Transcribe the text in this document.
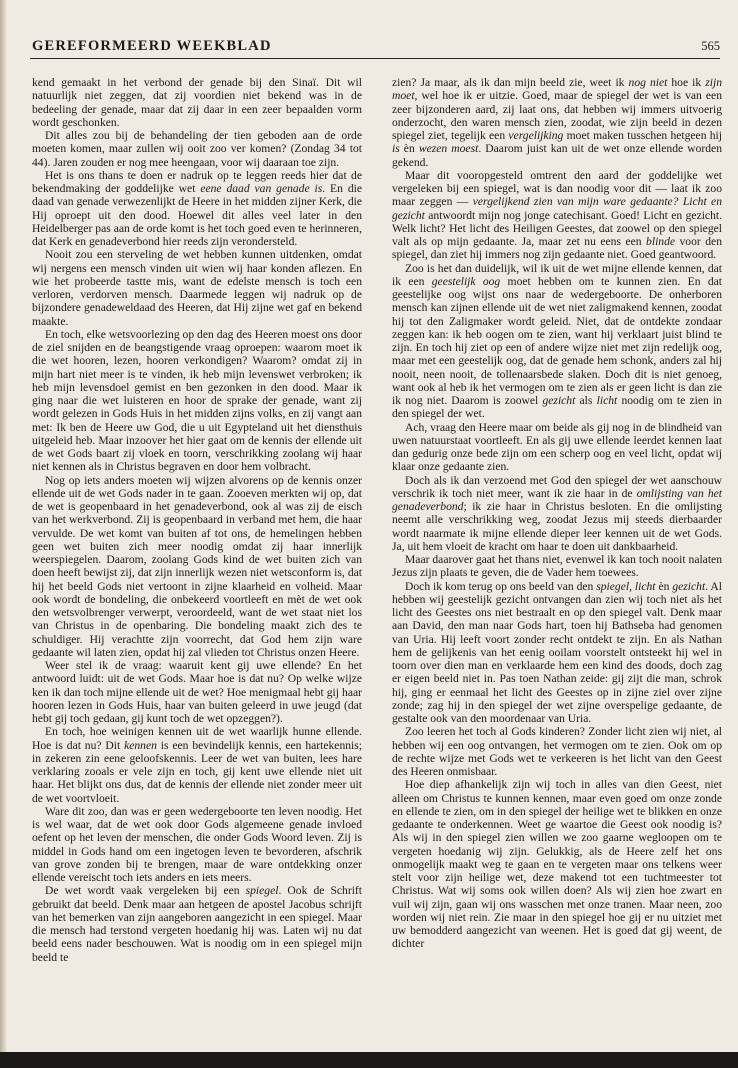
GEREFORMEERD WEEKBLAD	565

kend gemaakt in het verbond der genade bij den Sinaï. Dit wil natuurlijk niet zeggen, dat zij voordien niet bekend was in de bedeeling der genade, maar dat zij daar in een zeer bepaalden vorm wordt geschonken.

Dit alles zou bij de behandeling der tien geboden aan de orde moeten komen, maar zullen wij ooit zoo ver komen? (Zondag 34 tot 44). Jaren zouden er nog mee heengaan, voor wij daaraan toe zijn.

Het is ons thans te doen er nadruk op te leggen reeds hier dat de bekendmaking der goddelijke wet eene daad van genade is. En die daad van genade verwezenlijkt de Heere in het midden zijner Kerk, die Hij oproept uit den dood. Hoewel dit alles veel later in den Heidelberger pas aan de orde komt is het toch goed even te herinneren, dat Kerk en genadeverbond hier reeds zijn verondersteld.

Nooit zou een sterveling de wet hebben kunnen uitdenken, omdat wij nergens een mensch vinden uit wien wij haar konden aflezen. En wie het probeerde tastte mis, want de edelste mensch is toch een verloren, verdorven mensch. Daarmede leggen wij nadruk op de bijzondere genadeweldaad des Heeren, dat Hij zijne wet gaf en bekend maakte.

En toch, elke wetsvoorlezing op den dag des Heeren moest ons door de ziel snijden en de beangstigende vraag oproepen: waarom moet ik die wet hooren, lezen, hooren verkondigen? Waarom? omdat zij in mijn hart niet meer is te vinden, ik heb mijn levenswet verbroken; ik heb mijn levensdoel gemist en ben gezonken in den dood. Maar ik ging naar die wet luisteren en hoor de sprake der genade, want zij wordt gelezen in Gods Huis in het midden zijns volks, en zij vangt aan met: Ik ben de Heere uw God, die u uit Egypteland uit het diensthuis uitgeleid heb. Maar inzoover het hier gaat om de kennis der ellende uit de wet Gods baart zij vloek en toorn, verschrikking zoolang wij haar niet kennen als in Christus begraven en door hem volbracht.

Nog op iets anders moeten wij wijzen alvorens op de kennis onzer ellende uit de wet Gods nader in te gaan. Zooeven merkten wij op, dat de wet is geopenbaard in het genadeverbond, ook al was zij de eisch van het werkverbond. Zij is geopenbaard in verband met hem, die haar vervulde. De wet komt van buiten af tot ons, de hemelingen hebben geen wet buiten zich meer noodig omdat zij haar innerlijk weerspiegelen. Daarom, zoolang Gods kind de wet buiten zich van doen heeft bewijst zij, dat zijn innerlijk wezen niet wetsconform is, dat hij het beeld Gods niet vertoont in zijne klaarheid en volheid. Maar ook wordt de bondeling, die onbekeerd voortleeft en mèt de wet ook den wetsvolbrenger verwerpt, veroordeeld, want de wet staat niet los van Christus in de openbaring. Die bondeling maakt zich des te schuldiger. Hij verachtte zijn voorrecht, dat God hem zijn ware gedaante wil laten zien, opdat hij zal vlieden tot Christus onzen Heere.

Weer stel ik de vraag: waaruit kent gij uwe ellende? En het antwoord luidt: uit de wet Gods. Maar hoe is dat nu? Op welke wijze ken ik dan toch mijne ellende uit de wet? Hoe menigmaal hebt gij haar hooren lezen in Gods Huis, haar van buiten geleerd in uwe jeugd (dat hebt gij toch gedaan, gij kunt toch de wet opzeggen?).

En toch, hoe weinigen kennen uit de wet waarlijk hunne ellende. Hoe is dat nu? Dit kennen is een bevindelijk kennis, een hartekennis; in zekeren zin eene geloofskennis. Leer de wet van buiten, lees hare verklaring zooals er vele zijn en toch, gij kent uwe ellende niet uit haar. Het blijkt ons dus, dat de kennis der ellende niet zonder meer uit de wet voortvloeit.

Ware dit zoo, dan was er geen wedergeboorte ten leven noodig. Het is wel waar, dat de wet ook door Gods algemeene genade invloed oefent op het leven der menschen, die onder Gods Woord leven. Zij is middel in Gods hand om een ingetogen leven te bevorderen, afschrik van grove zonden bij te brengen, maar de ware ontdekking onzer ellende vereischt toch iets anders en iets meers.

De wet wordt vaak vergeleken bij een spiegel. Ook de Schrift gebruikt dat beeld. Denk maar aan hetgeen de apostel Jacobus schrijft van het bemerken van zijn aangeboren aangezicht in een spiegel. Maar die mensch had terstond vergeten hoedanig hij was. Laten wij nu dat beeld eens nader beschouwen. Wat is noodig om in een spiegel mijn beeld te

zien? Ja maar, als ik dan mijn beeld zie, weet ik nog niet hoe ik zijn moet, wel hoe ik er uitzie. Goed, maar de spiegel der wet is van een zeer bijzonderen aard, zij laat ons, dat hebben wij immers uitvoerig onderzocht, den waren mensch zien, zoodat, wie zijn beeld in dezen spiegel ziet, tegelijk een vergelijking moet maken tusschen hetgeen hij is èn wezen moest. Daarom juist kan uit de wet onze ellende worden gekend.

Maar dit vooropgesteld omtrent den aard der goddelijke wet vergeleken bij een spiegel, wat is dan noodig voor dit — laat ik zoo maar zeggen — vergelijkend zien van mijn ware gedaante? Licht en gezicht antwoordt mijn nog jonge catechisant. Goed! Licht en gezicht. Welk licht? Het licht des Heiligen Geestes, dat zoowel op den spiegel valt als op mijn gedaante. Ja, maar zet nu eens een blinde voor den spiegel, dan ziet hij immers nog zijn gedaante niet. Goed geantwoord.

Zoo is het dan duidelijk, wil ik uit de wet mijne ellende kennen, dat ik een geestelijk oog moet hebben om te kunnen zien. En dat geestelijke oog wijst ons naar de wedergeboorte. De onherboren mensch kan zijnen ellende uit de wet niet zaligmakend kennen, zoodat hij tot den Zaligmaker wordt geleid. Niet, dat de ontdekte zondaar zeggen kan: ik heb oogen om te zien, want hij verklaart juist blind te zijn. En toch hij ziet op een of andere wijze niet met zijn redelijk oog, maar met een geestelijk oog, dat de genade hem schonk, anders zal hij nooit, neen nooit, de tollenaarsbede slaken. Doch dit is niet genoeg, want ook al heb ik het vermogen om te zien als er geen licht is dan zie ik nog niet. Daarom is zoowel gezicht als licht noodig om te zien in den spiegel der wet.

Ach, vraag den Heere maar om beide als gij nog in de blindheid van uwen natuurstaat voortleeft. En als gij uwe ellende leerdet kennen laat dan gedurig onze bede zijn om een scherp oog en veel licht, opdat wij klaar onze gedaante zien.

Doch als ik dan verzoend met God den spiegel der wet aanschouw verschrik ik toch niet meer, want ik zie haar in de omlijsting van het genadeverbond; ik zie haar in Christus besloten. En die omlijsting neemt alle verschrikking weg, zoodat Jezus mij steeds dierbaarder wordt naarmate ik mijne ellende dieper leer kennen uit de wet Gods. Ja, uit hem vloeit de kracht om haar te doen uit dankbaarheid.

Maar daarover gaat het thans niet, evenwel ik kan toch nooit nalaten Jezus zijn plaats te geven, die de Vader hem toewees.

Doch ik kom terug op ons beeld van den spiegel, licht èn gezicht. Al hebben wij geestelijk gezicht ontvangen dan zien wij toch niet als het licht des Geestes ons niet bestraalt en op den spiegel valt. Denk maar aan David, den man naar Gods hart, toen hij Bathseba had genomen van Uria. Hij leeft voort zonder recht ontdekt te zijn. En als Nathan hem de gelijkenis van het eenig ooilam voorstelt ontsteekt hij wel in toorn over dien man en verklaarde hem een kind des doods, doch zag er eigen beeld niet in. Pas toen Nathan zeide: gij zijt die man, schrok hij, ging er eenmaal het licht des Geestes op in zijne ziel over zijne zonde; zag hij in den spiegel der wet zijne overspelige gedaante, de gestalte ook van den moordenaar van Uria.

Zoo leeren het toch al Gods kinderen? Zonder licht zien wij niet, al hebben wij een oog ontvangen, het vermogen om te zien. Ook om op de rechte wijze met Gods wet te verkeeren is het licht van den Geest des Heeren onmisbaar.

Hoe diep afhankelijk zijn wij toch in alles van dien Geest, niet alleen om Christus te kunnen kennen, maar even goed om onze zonde en ellende te zien, om in den spiegel der heilige wet te blikken en onze gedaante te onderkennen. Weet ge waartoe die Geest ook noodig is? Als wij in den spiegel zien willen we zoo gaarne wegloopen om te vergeten hoedanig wij zijn. Gelukkig, als de Heere zelf het ons onmogelijk maakt weg te gaan en te vergeten maar ons telkens weer stelt voor zijn heilige wet, deze makend tot een tuchtmeester tot Christus. Wat wij soms ook willen doen? Als wij zien hoe zwart en vuil wij zijn, gaan wij ons wasschen met onze tranen. Maar neen, zoo worden wij niet rein. Zie maar in den spiegel hoe gij er nu uitziet met uw bemodderd aangezicht van weenen. Het is goed dat gij weent, de dichter
